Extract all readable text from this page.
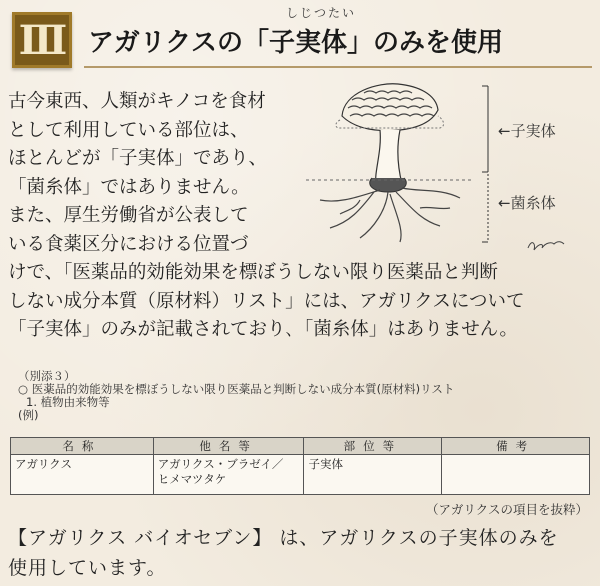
Ⅲ
しじつたい
アガリクスの「子実体」のみを使用
古今東西、人類がキノコを食材
として利用している部位は、
ほとんどが「子実体」であり、
「菌糸体」ではありません。
また、厚生労働省が公表して
いる食薬区分における位置づ
←子実体
←菌糸体
けで、「医薬品的効能効果を標ぼうしない限り医薬品と判断
しない成分本質（原材料）リスト」には、アガリクスについて
「子実体」のみが記載されており､「菌糸体」はありません。
（別添３）
○ 医薬品的効能効果を標ぼうしない限り医薬品と判断しない成分本質(原材料)リスト
1. 植物由来物等
(例)
名称	他名等	部位等	備考
アガリクス	アガリクス・ブラゼイ／
ヒメマツタケ	子実体	
（アガリクスの項目を抜粋）
【アガリクス バイオセブン】 は、アガリクスの子実体のみを
使用しています。
